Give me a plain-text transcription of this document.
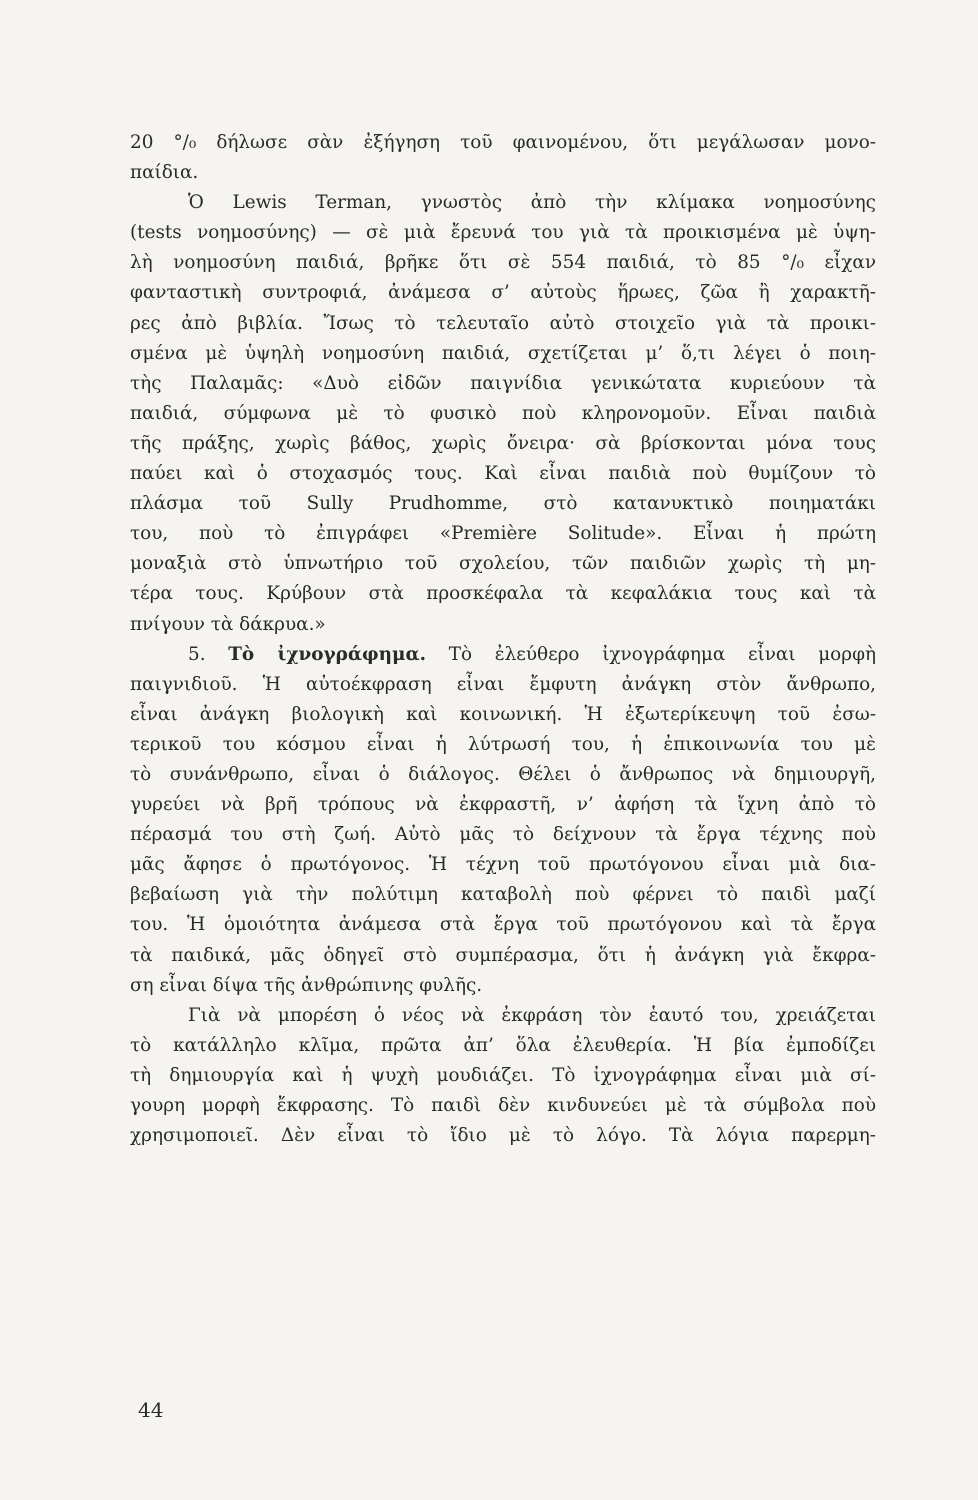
20 °/₀ δήλωσε σὰν ἐξήγηση τοῦ φαινομένου, ὅτι μεγάλωσαν μονο-
παίδια.
Ὁ Lewis Terman, γνωστὸς ἀπὸ τὴν κλίμακα νοημοσύνης
(tests νοημοσύνης) — σὲ μιὰ ἔρευνά του γιὰ τὰ προικισμένα μὲ ὑψη-
λὴ νοημοσύνη παιδιά, βρῆκε ὅτι σὲ 554 παιδιά, τὸ 85 °/₀ εἶχαν
φανταστικὴ συντροφιά, ἀνάμεσα σ’ αὐτοὺς ἥρωες, ζῶα ἢ χαρακτῆ-
ρες ἀπὸ βιβλία. Ἴσως τὸ τελευταῖο αὐτὸ στοιχεῖο γιὰ τὰ προικι-
σμένα μὲ ὑψηλὴ νοημοσύνη παιδιά, σχετίζεται μ’ ὅ,τι λέγει ὁ ποιη-
τὴς Παλαμᾶς: «Δυὸ εἰδῶν παιγνίδια γενικώτατα κυριεύουν τὰ
παιδιά, σύμφωνα μὲ τὸ φυσικὸ ποὺ κληρονομοῦν. Εἶναι παιδιὰ
τῆς πράξης, χωρὶς βάθος, χωρὶς ὄνειρα· σὰ βρίσκονται μόνα τους
παύει καὶ ὁ στοχασμός τους. Καὶ εἶναι παιδιὰ ποὺ θυμίζουν τὸ
πλάσμα τοῦ Sully Prudhomme, στὸ κατανυκτικὸ ποιηματάκι
του, ποὺ τὸ ἐπιγράφει «Première Solitude». Εἶναι ἡ πρώτη
μοναξιὰ στὸ ὑπνωτήριο τοῦ σχολείου, τῶν παιδιῶν χωρὶς τὴ μη-
τέρα τους. Κρύβουν στὰ προσκέφαλα τὰ κεφαλάκια τους καὶ τὰ
πνίγουν τὰ δάκρυα.»
5. Τὸ ἰχνογράφημα. Τὸ ἐλεύθερο ἰχνογράφημα εἶναι μορφὴ
παιγνιδιοῦ. Ἡ αὐτοέκφραση εἶναι ἔμφυτη ἀνάγκη στὸν ἄνθρωπο,
εἶναι ἀνάγκη βιολογικὴ καὶ κοινωνική. Ἡ ἐξωτερίκευψη τοῦ ἐσω-
τερικοῦ του κόσμου εἶναι ἡ λύτρωσή του, ἡ ἐπικοινωνία του μὲ
τὸ συνάνθρωπο, εἶναι ὁ διάλογος. Θέλει ὁ ἄνθρωπος νὰ δημιουργῆ,
γυρεύει νὰ βρῆ τρόπους νὰ ἐκφραστῆ, ν’ ἀφήση τὰ ἴχνη ἀπὸ τὸ
πέρασμά του στὴ ζωή. Αὐτὸ μᾶς τὸ δείχνουν τὰ ἔργα τέχνης ποὺ
μᾶς ἄφησε ὁ πρωτόγονος. Ἡ τέχνη τοῦ πρωτόγονου εἶναι μιὰ δια-
βεβαίωση γιὰ τὴν πολύτιμη καταβολὴ ποὺ φέρνει τὸ παιδὶ μαζί
του. Ἡ ὁμοιότητα ἀνάμεσα στὰ ἔργα τοῦ πρωτόγονου καὶ τὰ ἔργα
τὰ παιδικά, μᾶς ὁδηγεῖ στὸ συμπέρασμα, ὅτι ἡ ἀνάγκη γιὰ ἔκφρα-
ση εἶναι δίψα τῆς ἀνθρώπινης φυλῆς.
Γιὰ νὰ μπορέση ὁ νέος νὰ ἐκφράση τὸν ἑαυτό του, χρειάζεται
τὸ κατάλληλο κλῖμα, πρῶτα ἀπ’ ὅλα ἐλευθερία. Ἡ βία ἐμποδίζει
τὴ δημιουργία καὶ ἡ ψυχὴ μουδιάζει. Τὸ ἰχνογράφημα εἶναι μιὰ σί-
γουρη μορφὴ ἔκφρασης. Τὸ παιδὶ δὲν κινδυνεύει μὲ τὰ σύμβολα ποὺ
χρησιμοποιεῖ. Δὲν εἶναι τὸ ἴδιο μὲ τὸ λόγο. Τὰ λόγια παρερμη-
44
